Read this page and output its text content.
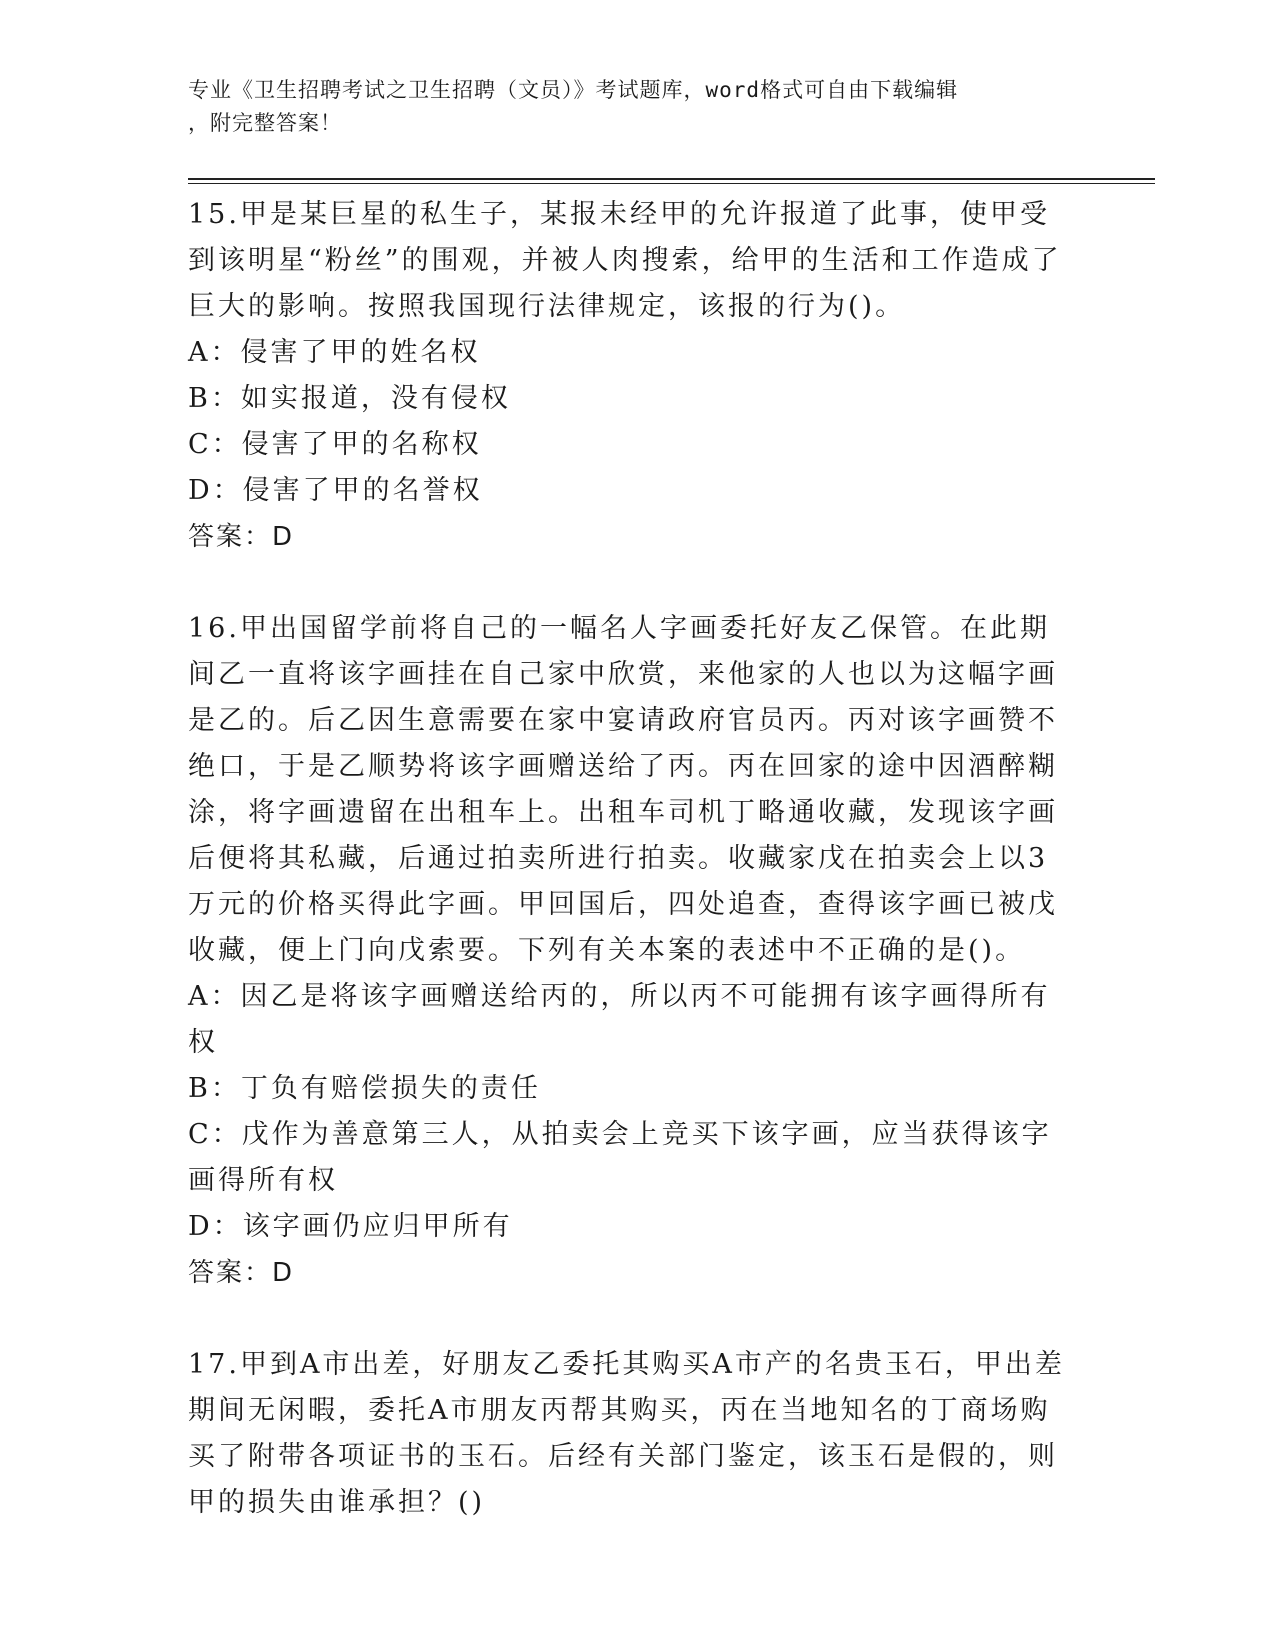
专业《卫生招聘考试之卫生招聘（文员）》考试题库，word格式可自由下载编辑
，附完整答案！

15.甲是某巨星的私生子，某报未经甲的允许报道了此事，使甲受到该明星“粉丝”的围观，并被人肉搜索，给甲的生活和工作造成了巨大的影响。按照我国现行法律规定，该报的行为()。

A：侵害了甲的姓名权

B：如实报道，没有侵权

C：侵害了甲的名称权

D：侵害了甲的名誉权

答案：D

16.甲出国留学前将自己的一幅名人字画委托好友乙保管。在此期间乙一直将该字画挂在自己家中欣赏，来他家的人也以为这幅字画是乙的。后乙因生意需要在家中宴请政府官员丙。丙对该字画赞不绝口，于是乙顺势将该字画赠送给了丙。丙在回家的途中因酒醉糊涂，将字画遗留在出租车上。出租车司机丁略通收藏，发现该字画后便将其私藏，后通过拍卖所进行拍卖。收藏家戊在拍卖会上以3万元的价格买得此字画。甲回国后，四处追查，查得该字画已被戊收藏，便上门向戊索要。下列有关本案的表述中不正确的是()。

A：因乙是将该字画赠送给丙的，所以丙不可能拥有该字画得所有权

B：丁负有赔偿损失的责任

C：戊作为善意第三人，从拍卖会上竞买下该字画，应当获得该字画得所有权

D：该字画仍应归甲所有

答案：D

17.甲到A市出差，好朋友乙委托其购买A市产的名贵玉石，甲出差期间无闲暇，委托A市朋友丙帮其购买，丙在当地知名的丁商场购买了附带各项证书的玉石。后经有关部门鉴定，该玉石是假的，则甲的损失由谁承担？()
